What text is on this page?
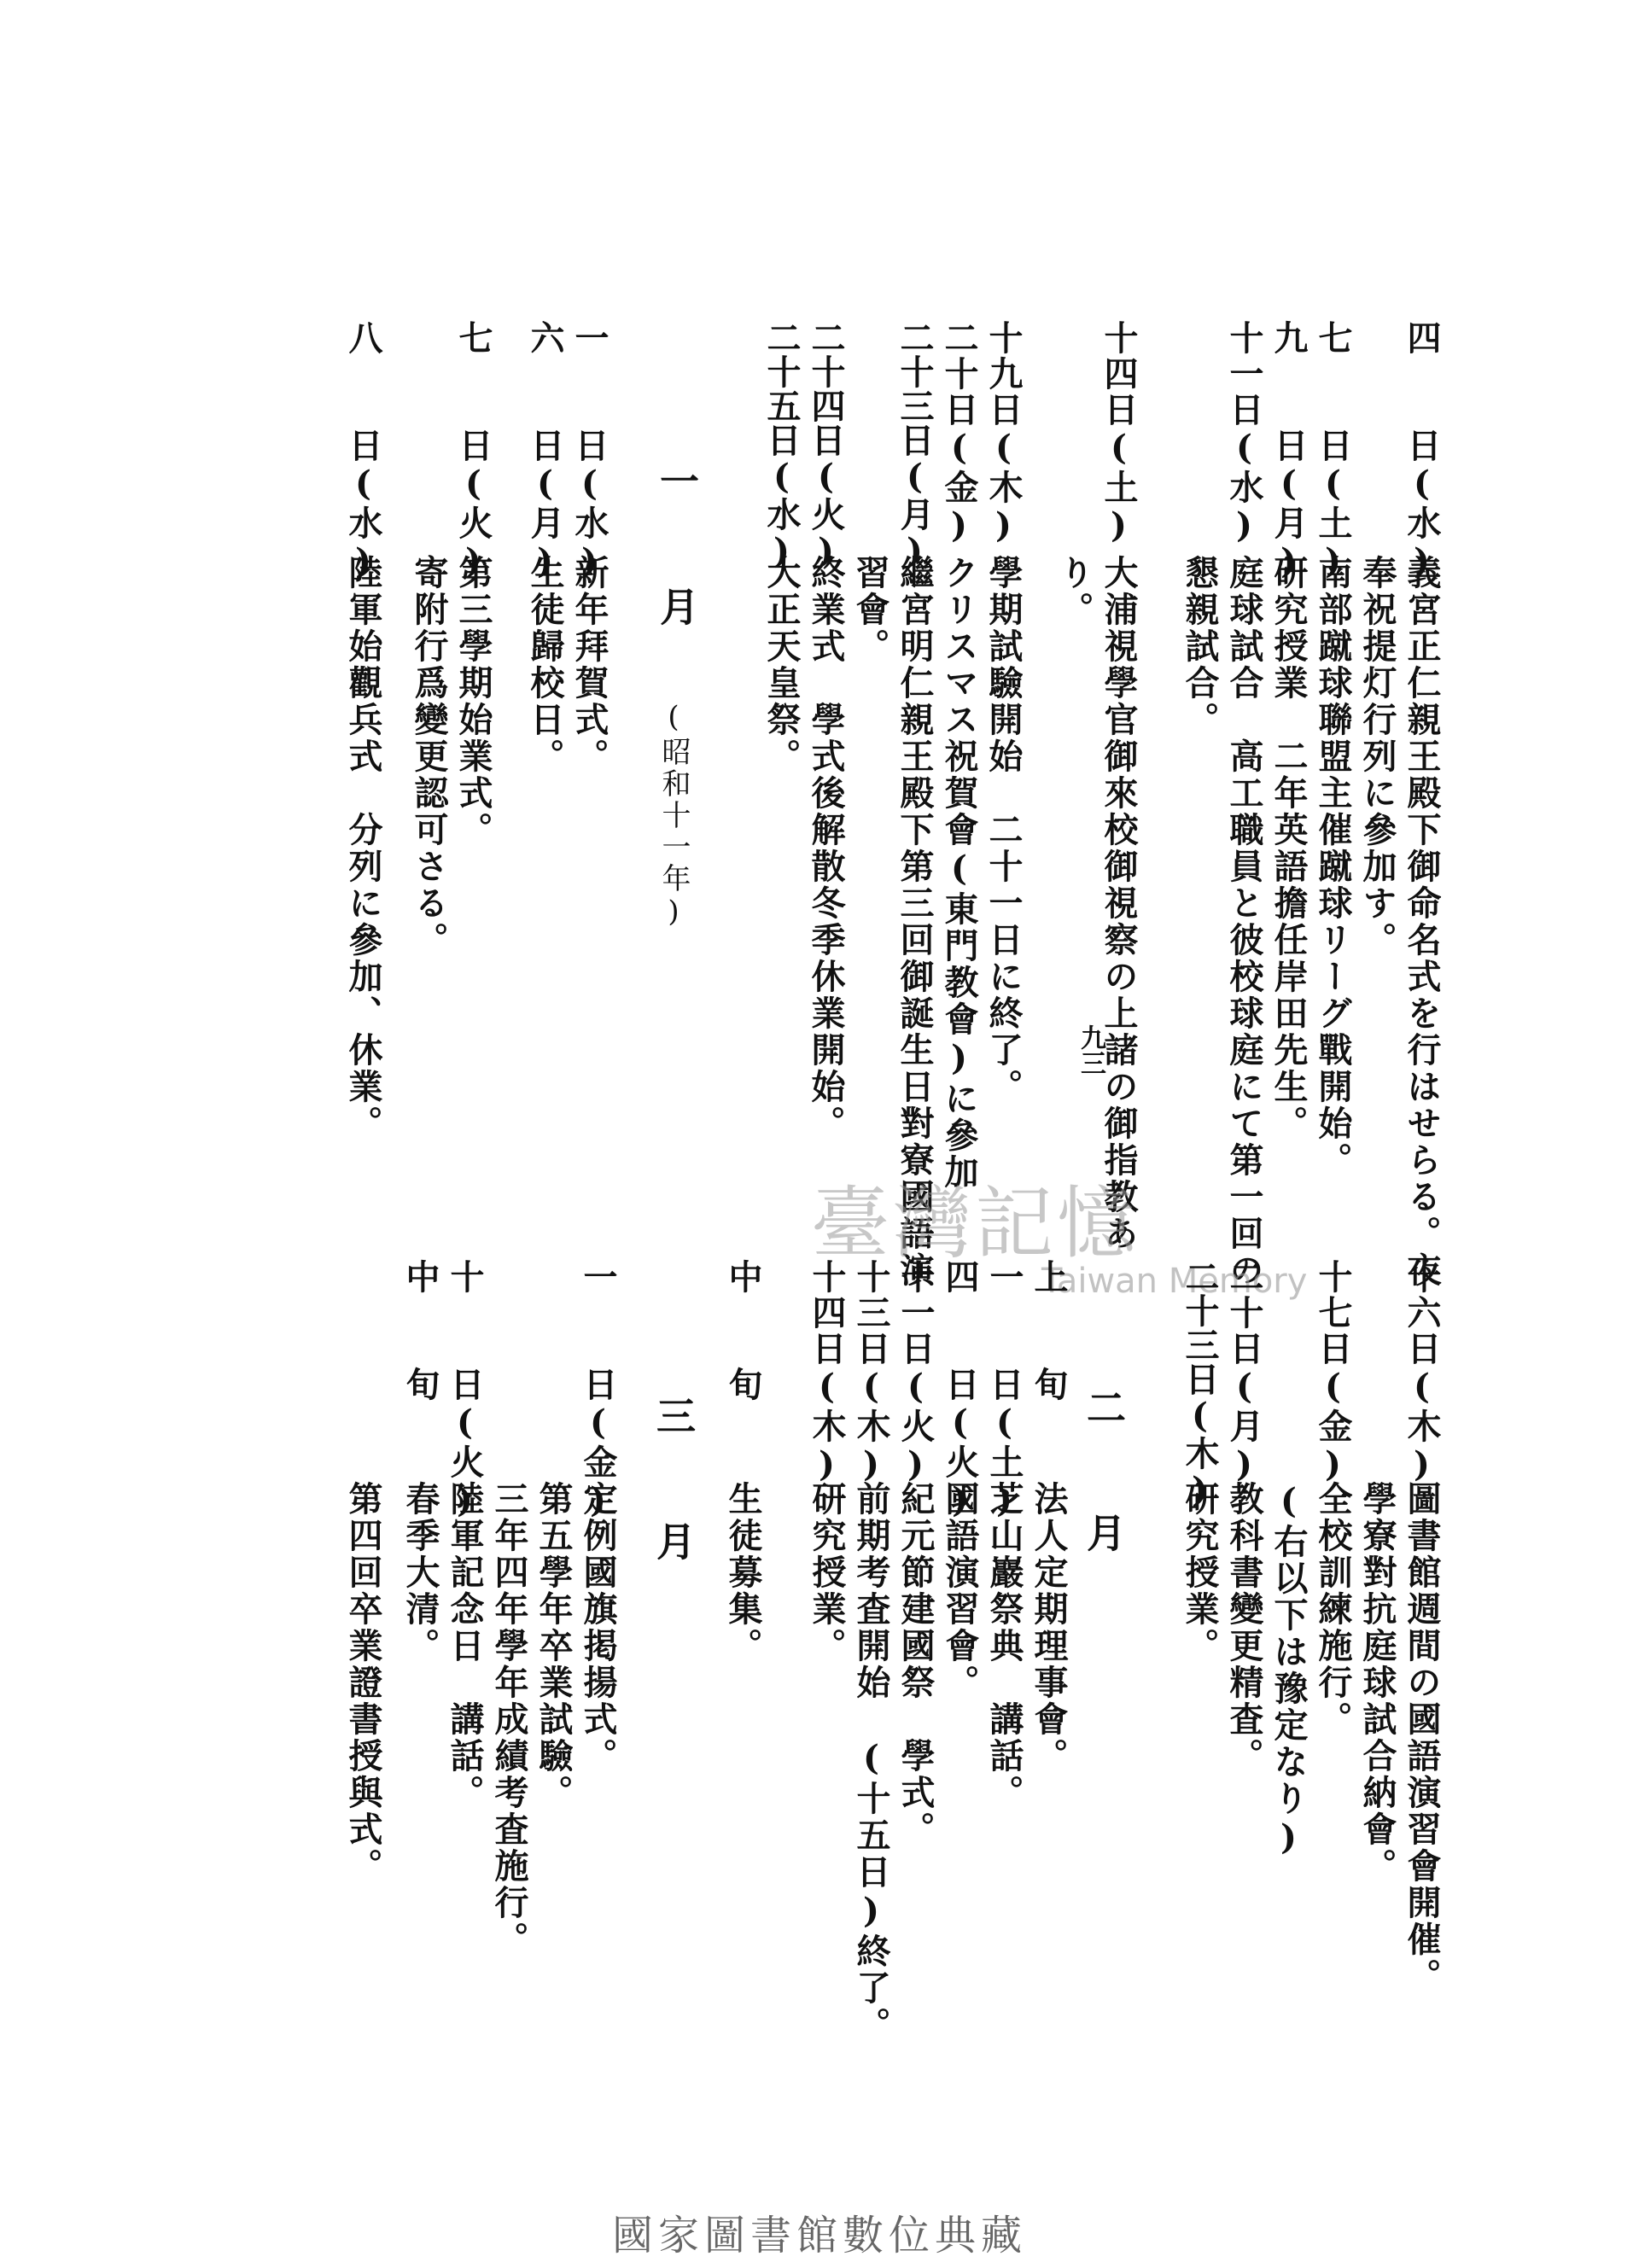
九三
四　　日(水)
義宮正仁親王殿下御命名式を行はせらる。夜
奉祝提灯行列に參加す。
七　　日(土)
南部蹴球聯盟主催蹴球リーグ戰開始。
九　　日(月)
研究授業　二年英語擔任岸田先生。
十一日(水)
庭球試合　高工職員と彼校球庭にて第一回の
懇親試合。
十四日(土)
大浦視學官御來校御視察の上諸の御指教あ
り。
十九日(木)
學期試驗開始　二十一日に終了。
二十日(金)
クリスマス祝賀會(東門教會)に參加
二十三日(月)
繼宮明仁親王殿下第三回御誕生日對寮國語演
習會。
二十四日(火)
終業式　學式後解散冬季休業開始。
二十五日(水)
大正天皇祭。
一　　月
(昭和十一年)
一　　日(水)
新年拜賀式。
六　　日(月)
生徒歸校日。
七　　日(火)
第三學期始業式。
寄附行爲變更認可さる。
八　　日(水)
陸軍始觀兵式　分列に參加、休業。
臺灣記憶
Taiwan Memory	十六日(木)
圖書館週間の國語演習會開催。
學寮對抗庭球試合納會。
十七日(金)
全校訓練施行。
二十日(月)
(右以下は豫定なり)
教科書變更精査。
二十三日(木)
研究授業。
二　　月
上　　旬
法人定期理事會。
一　　日(土)
芝山巖祭典　講話。
四　　日(火)
國語演習會。
十一日(火)
紀元節建國祭　學式。
十三日(木)
前期考査開始　(十五日)終了。
十四日(木)
研究授業。
中　　旬
生徒募集。
三　　月
一　　日(金)
定例國旗掲揚式。
第五學年卒業試驗。
三年四年學年成績考査施行。
十　　日(火)
陸軍記念日　講話。
中　　旬
春季大清。
第四回卒業證書授與式。
國家圖書館數位典藏
